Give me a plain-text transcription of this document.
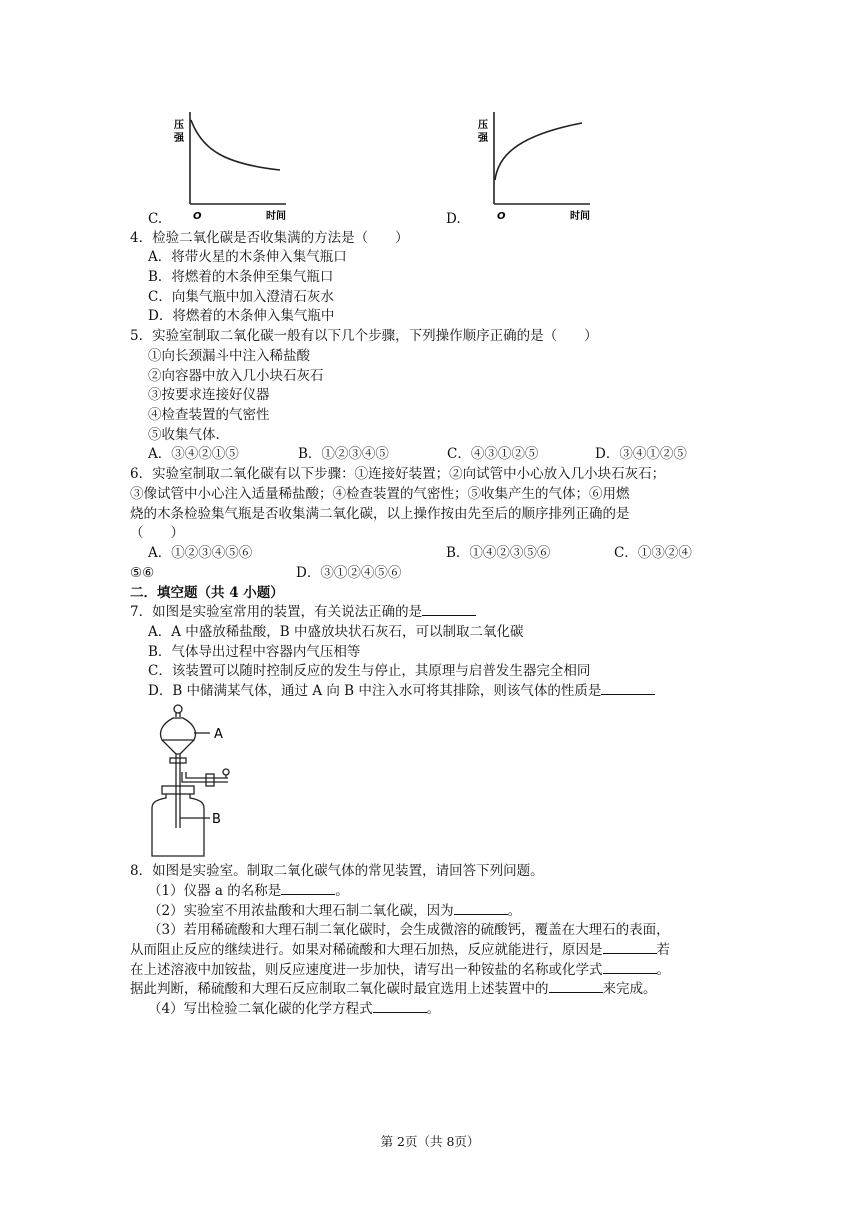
C.
压
强
O	时间	D.
压
强
O	时间
4．检验二氧化碳是否收集满的方法是（　　）
A．将带火星的木条伸入集气瓶口
B．将燃着的木条伸至集气瓶口
C．向集气瓶中加入澄清石灰水
D．将燃着的木条伸入集气瓶中
5．实验室制取二氧化碳一般有以下几个步骤，下列操作顺序正确的是（　　）
①向长颈漏斗中注入稀盐酸
②向容器中放入几小块石灰石
③按要求连接好仪器
④检查装置的气密性
⑤收集气体.
A．③④②①⑤	B．①②③④⑤	C．④③①②⑤	D．③④①②⑤
6．实验室制取二氧化碳有以下步骤：①连接好装置；②向试管中小心放入几小块石灰石；
③像试管中小心注入适量稀盐酸；④检查装置的气密性；⑤收集产生的气体；⑥用燃
烧的木条检验集气瓶是否收集满二氧化碳，以上操作按由先至后的顺序排列正确的是
（　　）
A．①②③④⑤⑥	B．①④②③⑤⑥	C．①③②④
⑤⑥	D．③①②④⑤⑥
二．填空题（共 4 小题）
7．如图是实验室常用的装置，有关说法正确的是
A．A 中盛放稀盐酸，B 中盛放块状石灰石，可以制取二氧化碳
B．气体导出过程中容器内气压相等
C．该装置可以随时控制反应的发生与停止，其原理与启普发生器完全相同
D．B 中储满某气体，通过 A 向 B 中注入水可将其排除，则该气体的性质是
A
B
8．如图是实验室。制取二氧化碳气体的常见装置，请回答下列问题。
（1）仪器 a 的名称是	。
（2）实验室不用浓盐酸和大理石制二氧化碳，因为	。
（3）若用稀硫酸和大理石制二氧化碳时，会生成微溶的硫酸钙，覆盖在大理石的表面，
从而阻止反应的继续进行。如果对稀硫酸和大理石加热，反应就能进行，原因是	若
在上述溶液中加铵盐，则反应速度进一步加快，请写出一种铵盐的名称或化学式	。
据此判断，稀硫酸和大理石反应制取二氧化碳时最宜选用上述装置中的	来完成。
（4）写出检验二氧化碳的化学方程式	。
第 2页（共 8页）
